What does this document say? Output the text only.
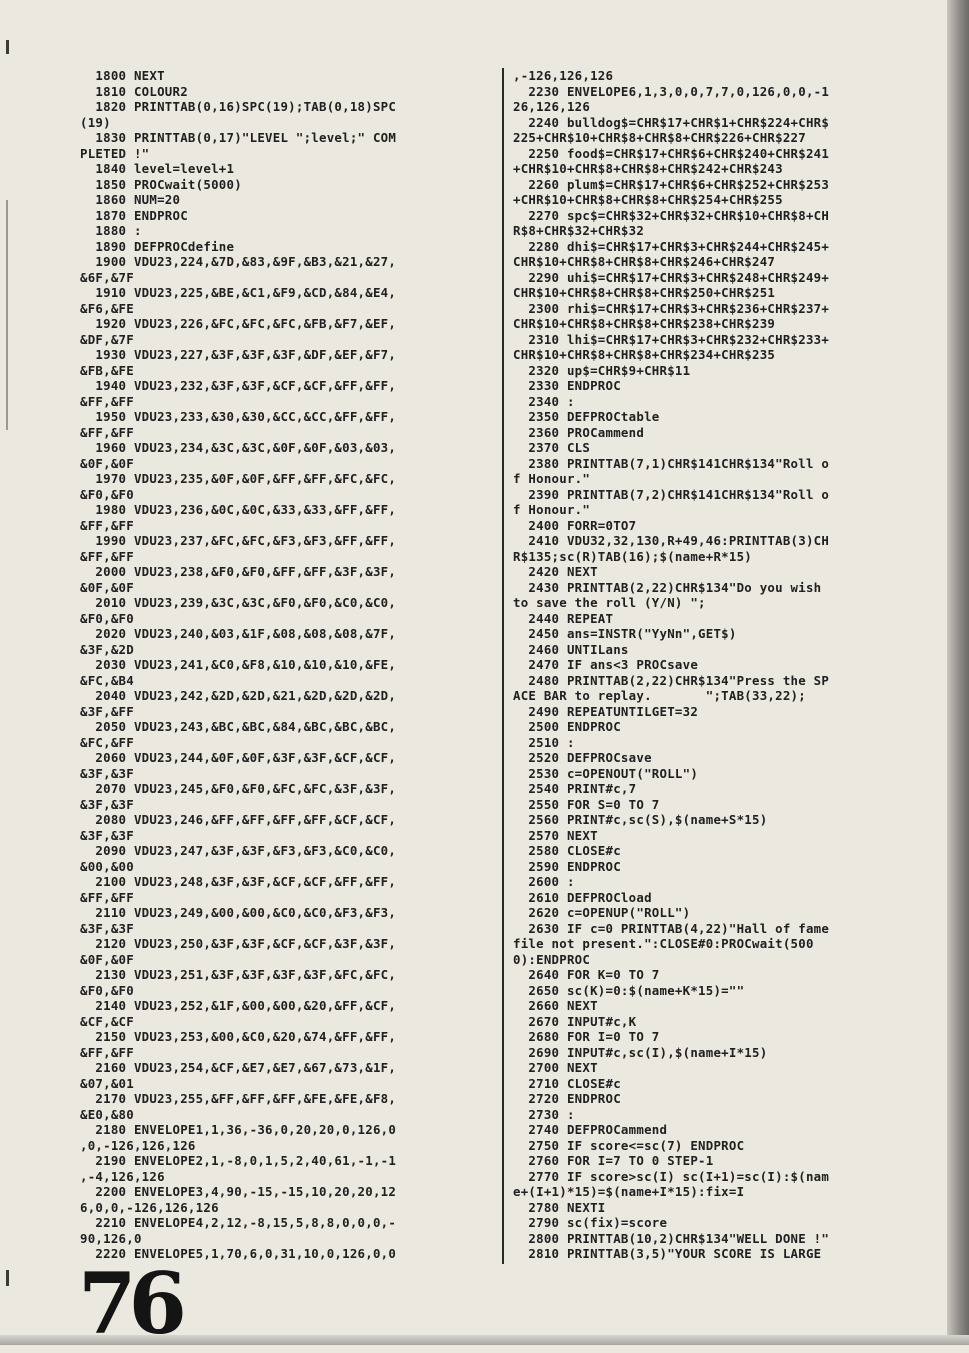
1800 NEXT
1810 COLOUR2
1820 PRINTTAB(0,16)SPC(19);TAB(0,18)SPC
(19)
1830 PRINTTAB(0,17)"LEVEL ";level;" COM
PLETED !"
1840 level=level+1
1850 PROCwait(5000)
1860 NUM=20
1870 ENDPROC
1880 :
1890 DEFPROCdefine
1900 VDU23,224,&7D,&83,&9F,&B3,&21,&27,
&6F,&7F
1910 VDU23,225,&BE,&C1,&F9,&CD,&84,&E4,
&F6,&FE
1920 VDU23,226,&FC,&FC,&FC,&FB,&F7,&EF,
&DF,&7F
1930 VDU23,227,&3F,&3F,&3F,&DF,&EF,&F7,
&FB,&FE
1940 VDU23,232,&3F,&3F,&CF,&CF,&FF,&FF,
&FF,&FF
1950 VDU23,233,&30,&30,&CC,&CC,&FF,&FF,
&FF,&FF
1960 VDU23,234,&3C,&3C,&0F,&0F,&03,&03,
&0F,&0F
1970 VDU23,235,&0F,&0F,&FF,&FF,&FC,&FC,
&F0,&F0
1980 VDU23,236,&0C,&0C,&33,&33,&FF,&FF,
&FF,&FF
1990 VDU23,237,&FC,&FC,&F3,&F3,&FF,&FF,
&FF,&FF
2000 VDU23,238,&F0,&F0,&FF,&FF,&3F,&3F,
&0F,&0F
2010 VDU23,239,&3C,&3C,&F0,&F0,&C0,&C0,
&F0,&F0
2020 VDU23,240,&03,&1F,&08,&08,&08,&7F,
&3F,&2D
2030 VDU23,241,&C0,&F8,&10,&10,&10,&FE,
&FC,&B4
2040 VDU23,242,&2D,&2D,&21,&2D,&2D,&2D,
&3F,&FF
2050 VDU23,243,&BC,&BC,&84,&BC,&BC,&BC,
&FC,&FF
2060 VDU23,244,&0F,&0F,&3F,&3F,&CF,&CF,
&3F,&3F
2070 VDU23,245,&F0,&F0,&FC,&FC,&3F,&3F,
&3F,&3F
2080 VDU23,246,&FF,&FF,&FF,&FF,&CF,&CF,
&3F,&3F
2090 VDU23,247,&3F,&3F,&F3,&F3,&C0,&C0,
&00,&00
2100 VDU23,248,&3F,&3F,&CF,&CF,&FF,&FF,
&FF,&FF
2110 VDU23,249,&00,&00,&C0,&C0,&F3,&F3,
&3F,&3F
2120 VDU23,250,&3F,&3F,&CF,&CF,&3F,&3F,
&0F,&0F
2130 VDU23,251,&3F,&3F,&3F,&3F,&FC,&FC,
&F0,&F0
2140 VDU23,252,&1F,&00,&00,&20,&FF,&CF,
&CF,&CF
2150 VDU23,253,&00,&C0,&20,&74,&FF,&FF,
&FF,&FF
2160 VDU23,254,&CF,&E7,&E7,&67,&73,&1F,
&07,&01
2170 VDU23,255,&FF,&FF,&FF,&FE,&FE,&F8,
&E0,&80
2180 ENVELOPE1,1,36,-36,0,20,20,0,126,0
,0,-126,126,126
2190 ENVELOPE2,1,-8,0,1,5,2,40,61,-1,-1
,-4,126,126
2200 ENVELOPE3,4,90,-15,-15,10,20,20,12
6,0,0,-126,126,126
2210 ENVELOPE4,2,12,-8,15,5,8,8,0,0,0,-
90,126,0
2220 ENVELOPE5,1,70,6,0,31,10,0,126,0,0
,-126,126,126
2230 ENVELOPE6,1,3,0,0,7,7,0,126,0,0,-1
26,126,126
2240 bulldog$=CHR$17+CHR$1+CHR$224+CHR$
225+CHR$10+CHR$8+CHR$8+CHR$226+CHR$227
2250 food$=CHR$17+CHR$6+CHR$240+CHR$241
+CHR$10+CHR$8+CHR$8+CHR$242+CHR$243
2260 plum$=CHR$17+CHR$6+CHR$252+CHR$253
+CHR$10+CHR$8+CHR$8+CHR$254+CHR$255
2270 spc$=CHR$32+CHR$32+CHR$10+CHR$8+CH
R$8+CHR$32+CHR$32
2280 dhi$=CHR$17+CHR$3+CHR$244+CHR$245+
CHR$10+CHR$8+CHR$8+CHR$246+CHR$247
2290 uhi$=CHR$17+CHR$3+CHR$248+CHR$249+
CHR$10+CHR$8+CHR$8+CHR$250+CHR$251
2300 rhi$=CHR$17+CHR$3+CHR$236+CHR$237+
CHR$10+CHR$8+CHR$8+CHR$238+CHR$239
2310 lhi$=CHR$17+CHR$3+CHR$232+CHR$233+
CHR$10+CHR$8+CHR$8+CHR$234+CHR$235
2320 up$=CHR$9+CHR$11
2330 ENDPROC
2340 :
2350 DEFPROCtable
2360 PROCammend
2370 CLS
2380 PRINTTAB(7,1)CHR$141CHR$134"Roll o
f Honour."
2390 PRINTTAB(7,2)CHR$141CHR$134"Roll o
f Honour."
2400 FORR=0TO7
2410 VDU32,32,130,R+49,46:PRINTTAB(3)CH
R$135;sc(R)TAB(16);$(name+R*15)
2420 NEXT
2430 PRINTTAB(2,22)CHR$134"Do you wish
to save the roll (Y/N) ";
2440 REPEAT
2450 ans=INSTR("YyNn",GET$)
2460 UNTILans
2470 IF ans<3 PROCsave
2480 PRINTTAB(2,22)CHR$134"Press the SP
ACE BAR to replay.       ";TAB(33,22);
2490 REPEATUNTILGET=32
2500 ENDPROC
2510 :
2520 DEFPROCsave
2530 c=OPENOUT("ROLL")
2540 PRINT#c,7
2550 FOR S=0 TO 7
2560 PRINT#c,sc(S),$(name+S*15)
2570 NEXT
2580 CLOSE#c
2590 ENDPROC
2600 :
2610 DEFPROCload
2620 c=OPENUP("ROLL")
2630 IF c=0 PRINTTAB(4,22)"Hall of fame
file not present.":CLOSE#0:PROCwait(500
0):ENDPROC
2640 FOR K=0 TO 7
2650 sc(K)=0:$(name+K*15)=""
2660 NEXT
2670 INPUT#c,K
2680 FOR I=0 TO 7
2690 INPUT#c,sc(I),$(name+I*15)
2700 NEXT
2710 CLOSE#c
2720 ENDPROC
2730 :
2740 DEFPROCammend
2750 IF score<=sc(7) ENDPROC
2760 FOR I=7 TO 0 STEP-1
2770 IF score>sc(I) sc(I+1)=sc(I):$(nam
e+(I+1)*15)=$(name+I*15):fix=I
2780 NEXTI
2790 sc(fix)=score
2800 PRINTTAB(10,2)CHR$134"WELL DONE !"
2810 PRINTTAB(3,5)"YOUR SCORE IS LARGE
76
